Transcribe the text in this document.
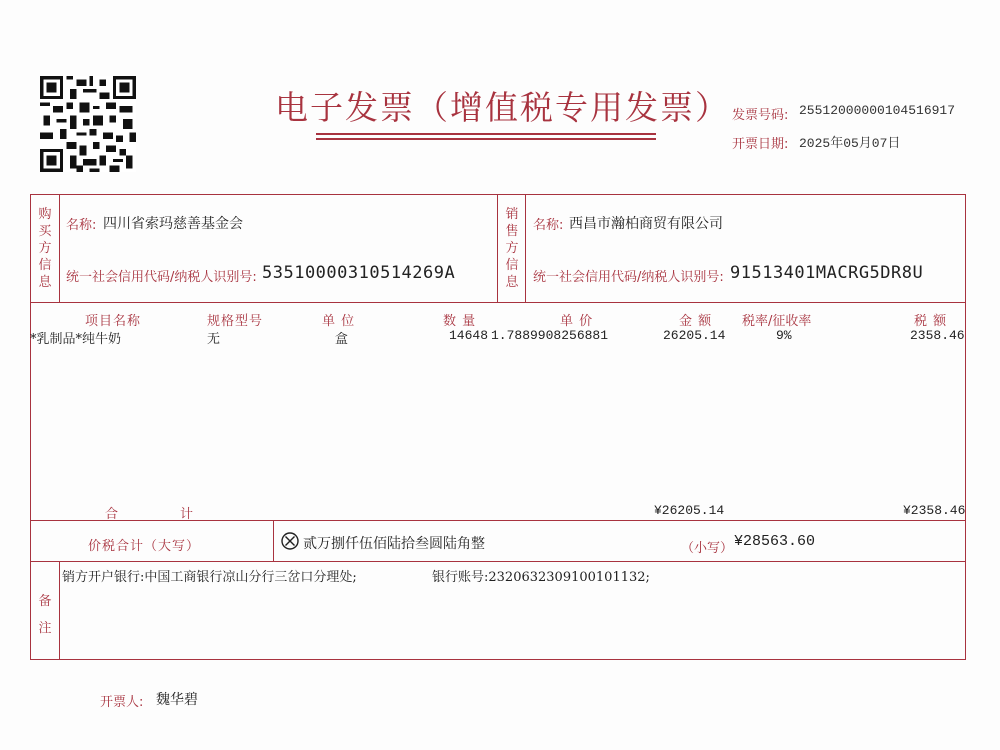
电子发票（增值税专用发票） 发票号码: 25512000000104516917
开票日期: 2025年05月07日
购
买
方
信
息
名称: 四川省索玛慈善基金会
统一社会信用代码/纳税人识别号: 53510000310514269A
销
售
方
信
息
名称: 西昌市瀚柏商贸有限公司
统一社会信用代码/纳税人识别号: 91513401MACRG5DR8U
项目名称	规格型号	单 位	数 量	单 价	金 额 税率/征收率	税 额
*乳制品*纯牛奶	无	盒	14648 1.7889908256881	26205.14	9%	2358.46
合	计	¥26205.14	¥2358.46
价税合计（大写）	贰万捌仟伍佰陆拾叁圆陆角整	（小写） ¥28563.60
备
注
销方开户银行:中国工商银行凉山分行三岔口分理处;	银行账号:2320632309100101132;
开票人: 魏华碧
